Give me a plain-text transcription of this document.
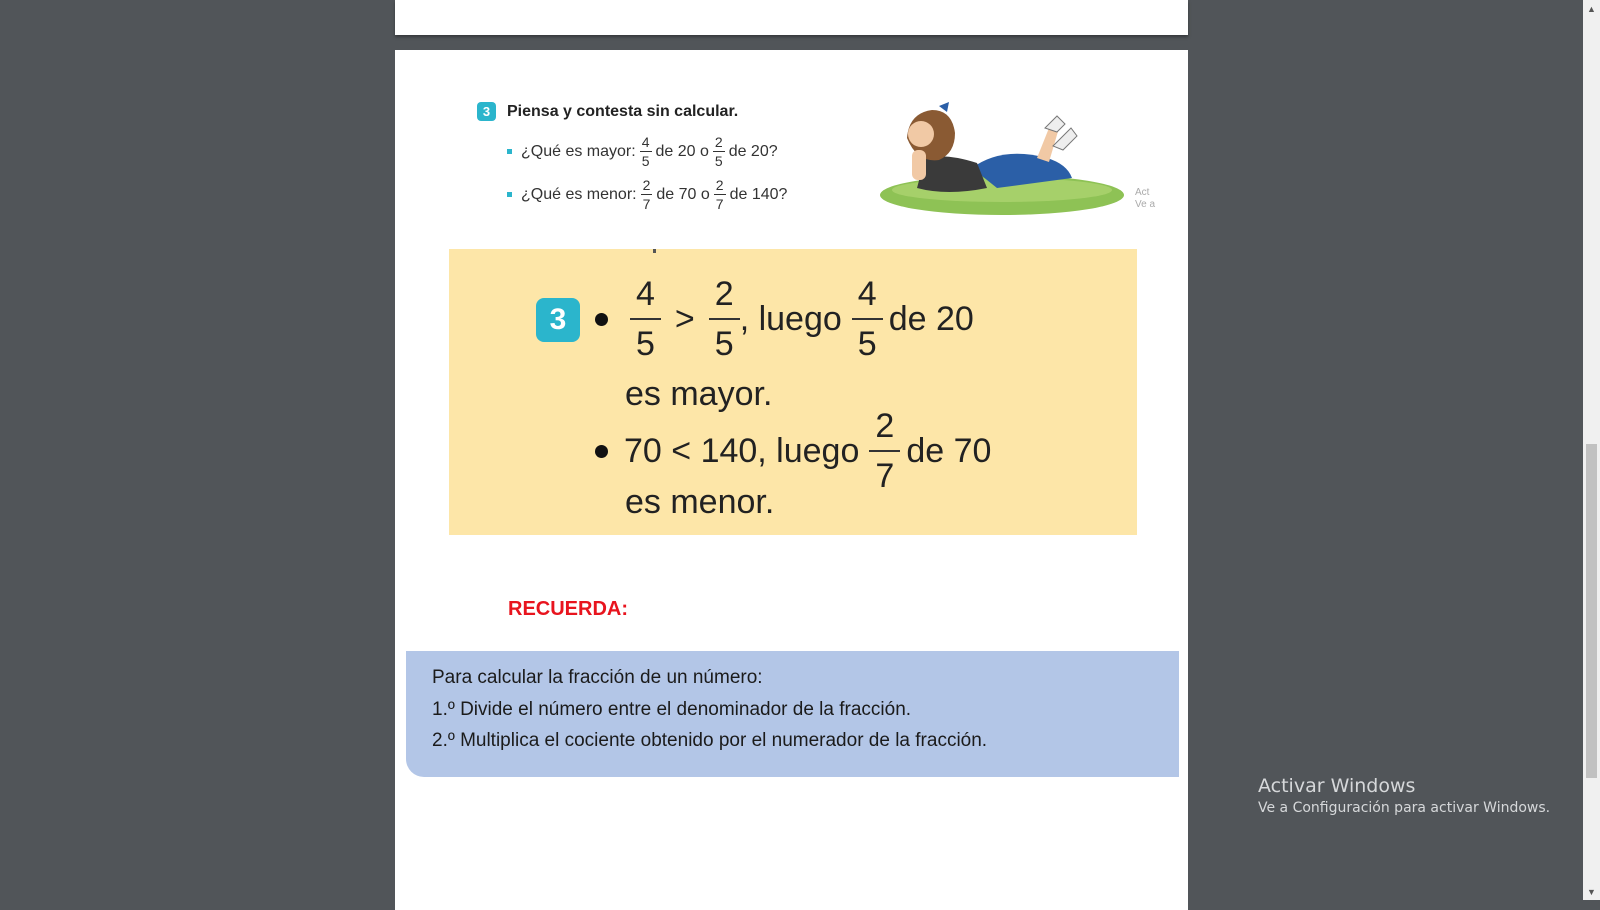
3	Piensa y contesta sin calcular.
¿Qué es mayor: $\frac{4}{5}$ de 20 o $\frac{2}{5}$ de 20?
¿Qué es menor: $\frac{2}{7}$ de 70 o $\frac{2}{7}$ de 140?	Act
Ve a
3
4
5
>
2
5
, luego
4
5
de 20
es mayor.
70 < 140, luego
2
7
de 70
es menor.
RECUERDA:

Para calcular la fracción de un número:

1.º Divide el número entre el denominador de la fracción.

2.º Multiplica el cociente obtenido por el numerador de la fracción.

Activar Windows
Ve a Configuración para activar Windows.
▲
▼
